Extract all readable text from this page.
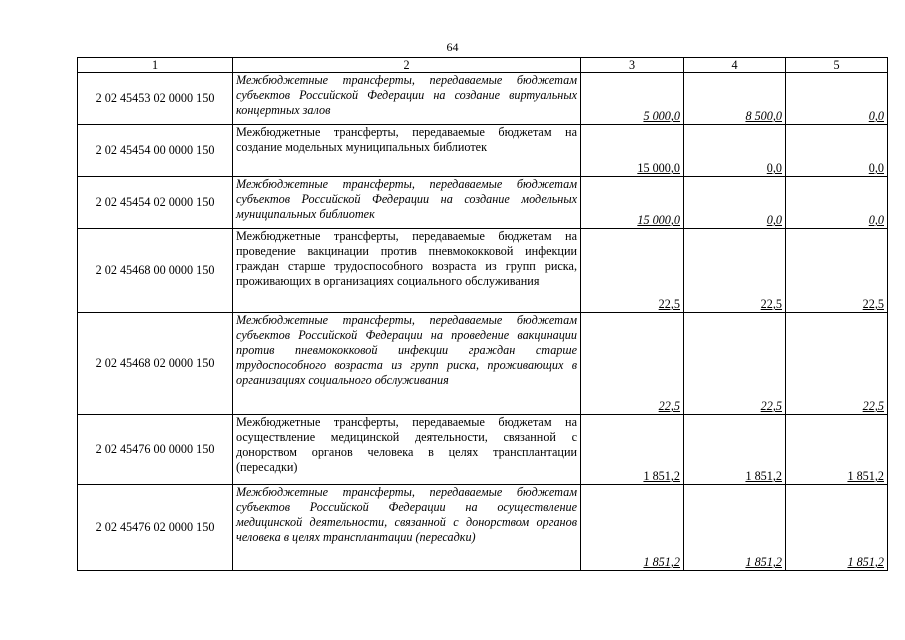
64
1	2	3	4	5
2 02 45453 02 0000 150	Межбюджетные трансферты, передаваемые бюджетам субъектов Российской Федерации на создание виртуальных концертных залов	5 000,0	8 500,0	0,0
2 02 45454 00 0000 150	Межбюджетные трансферты, передаваемые бюджетам на создание модельных муниципальных библиотек	15 000,0	0,0	0,0
2 02 45454 02 0000 150	Межбюджетные трансферты, передаваемые бюджетам субъектов Российской Федерации на создание модельных муниципальных библиотек	15 000,0	0,0	0,0
2 02 45468 00 0000 150	Межбюджетные трансферты, передаваемые бюджетам на проведение вакцинации против пневмококковой инфекции граждан старше трудоспособного возраста из групп риска, проживающих в организациях социального обслуживания	22,5	22,5	22,5
2 02 45468 02 0000 150	Межбюджетные трансферты, передаваемые бюджетам субъектов Российской Федерации на проведение вакцинации против пневмококковой инфекции граждан старше трудоспособного возраста из групп риска, проживающих в организациях социального обслуживания	22,5	22,5	22,5
2 02 45476 00 0000 150	Межбюджетные трансферты, передаваемые бюджетам на осуществление медицинской деятельности, связанной с донорством органов человека в целях трансплантации (пересадки)	1 851,2	1 851,2	1 851,2
2 02 45476 02 0000 150	Межбюджетные трансферты, передаваемые бюджетам субъектов Российской Федерации на осуществление медицинской деятельности, связанной с донорством органов человека в целях трансплантации (пересадки)	1 851,2	1 851,2	1 851,2
